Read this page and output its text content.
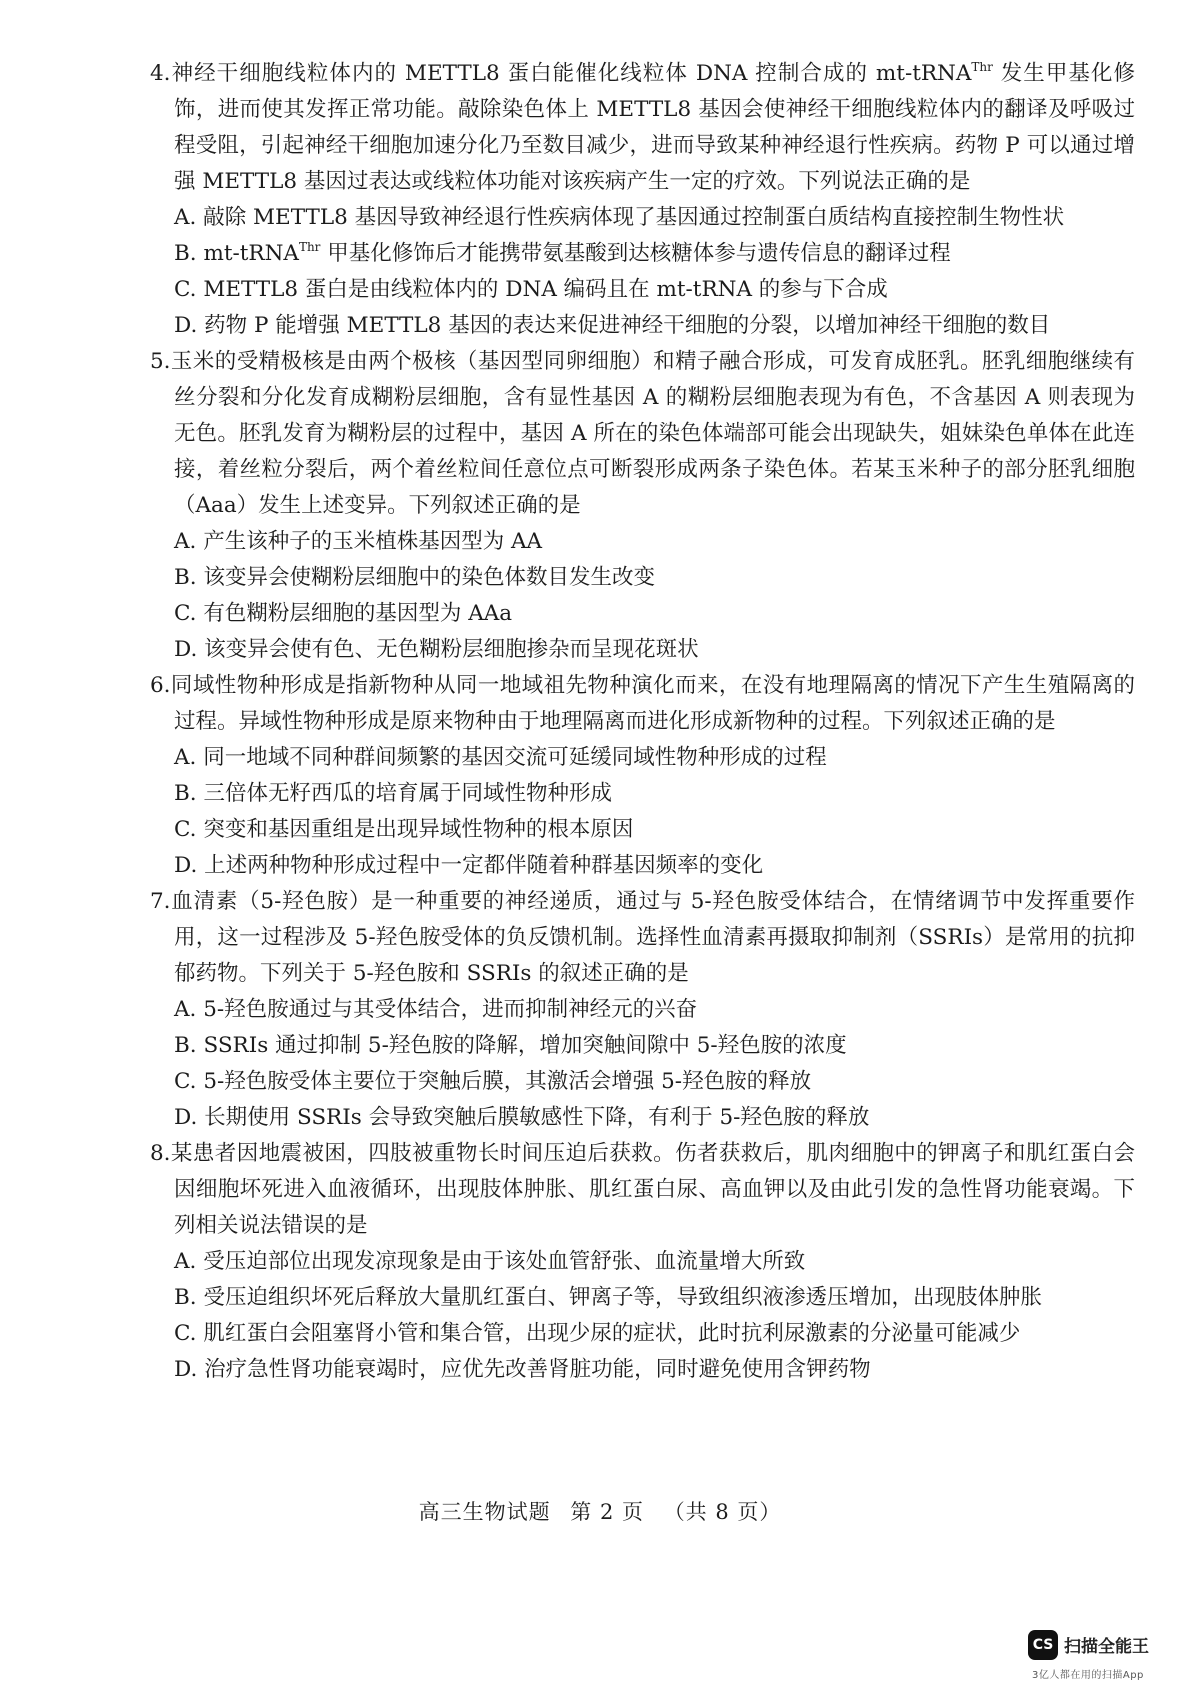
4.神经干细胞线粒体内的 METTL8 蛋白能催化线粒体 DNA 控制合成的 mt-tRNA$^{Thr}$ 发生甲基化修饰，进而使其发挥正常功能。敲除染色体上 METTL8 基因会使神经干细胞线粒体内的翻译及呼吸过程受阻，引起神经干细胞加速分化乃至数目减少，进而导致某种神经退行性疾病。药物 P 可以通过增强 METTL8 基因过表达或线粒体功能对该疾病产生一定的疗效。下列说法正确的是
A. 敲除 METTL8 基因导致神经退行性疾病体现了基因通过控制蛋白质结构直接控制生物性状
B. mt-tRNA$^{Thr}$ 甲基化修饰后才能携带氨基酸到达核糖体参与遗传信息的翻译过程
C. METTL8 蛋白是由线粒体内的 DNA 编码且在 mt-tRNA 的参与下合成
D. 药物 P 能增强 METTL8 基因的表达来促进神经干细胞的分裂，以增加神经干细胞的数目
5.玉米的受精极核是由两个极核（基因型同卵细胞）和精子融合形成，可发育成胚乳。胚乳细胞继续有丝分裂和分化发育成糊粉层细胞，含有显性基因 A 的糊粉层细胞表现为有色，不含基因 A 则表现为无色。胚乳发育为糊粉层的过程中，基因 A 所在的染色体端部可能会出现缺失，姐妹染色单体在此连接，着丝粒分裂后，两个着丝粒间任意位点可断裂形成两条子染色体。若某玉米种子的部分胚乳细胞（Aaa）发生上述变异。下列叙述正确的是
A. 产生该种子的玉米植株基因型为 AA
B. 该变异会使糊粉层细胞中的染色体数目发生改变
C. 有色糊粉层细胞的基因型为 AAa
D. 该变异会使有色、无色糊粉层细胞掺杂而呈现花斑状
6.同域性物种形成是指新物种从同一地域祖先物种演化而来，在没有地理隔离的情况下产生生殖隔离的过程。异域性物种形成是原来物种由于地理隔离而进化形成新物种的过程。下列叙述正确的是
A. 同一地域不同种群间频繁的基因交流可延缓同域性物种形成的过程
B. 三倍体无籽西瓜的培育属于同域性物种形成
C. 突变和基因重组是出现异域性物种的根本原因
D. 上述两种物种形成过程中一定都伴随着种群基因频率的变化
7.血清素（5-羟色胺）是一种重要的神经递质，通过与 5-羟色胺受体结合，在情绪调节中发挥重要作用，这一过程涉及 5-羟色胺受体的负反馈机制。选择性血清素再摄取抑制剂（SSRIs）是常用的抗抑郁药物。下列关于 5-羟色胺和 SSRIs 的叙述正确的是
A. 5-羟色胺通过与其受体结合，进而抑制神经元的兴奋
B. SSRIs 通过抑制 5-羟色胺的降解，增加突触间隙中 5-羟色胺的浓度
C. 5-羟色胺受体主要位于突触后膜，其激活会增强 5-羟色胺的释放
D. 长期使用 SSRIs 会导致突触后膜敏感性下降，有利于 5-羟色胺的释放
8.某患者因地震被困，四肢被重物长时间压迫后获救。伤者获救后，肌肉细胞中的钾离子和肌红蛋白会因细胞坏死进入血液循环，出现肢体肿胀、肌红蛋白尿、高血钾以及由此引发的急性肾功能衰竭。下列相关说法错误的是
A. 受压迫部位出现发凉现象是由于该处血管舒张、血流量增大所致
B. 受压迫组织坏死后释放大量肌红蛋白、钾离子等，导致组织液渗透压增加，出现肢体肿胀
C. 肌红蛋白会阻塞肾小管和集合管，出现少尿的症状，此时抗利尿激素的分泌量可能减少
D. 治疗急性肾功能衰竭时，应优先改善肾脏功能，同时避免使用含钾药物
高三生物试题 第 2 页 （共 8 页）
CS 扫描全能王
3亿人都在用的扫描App
